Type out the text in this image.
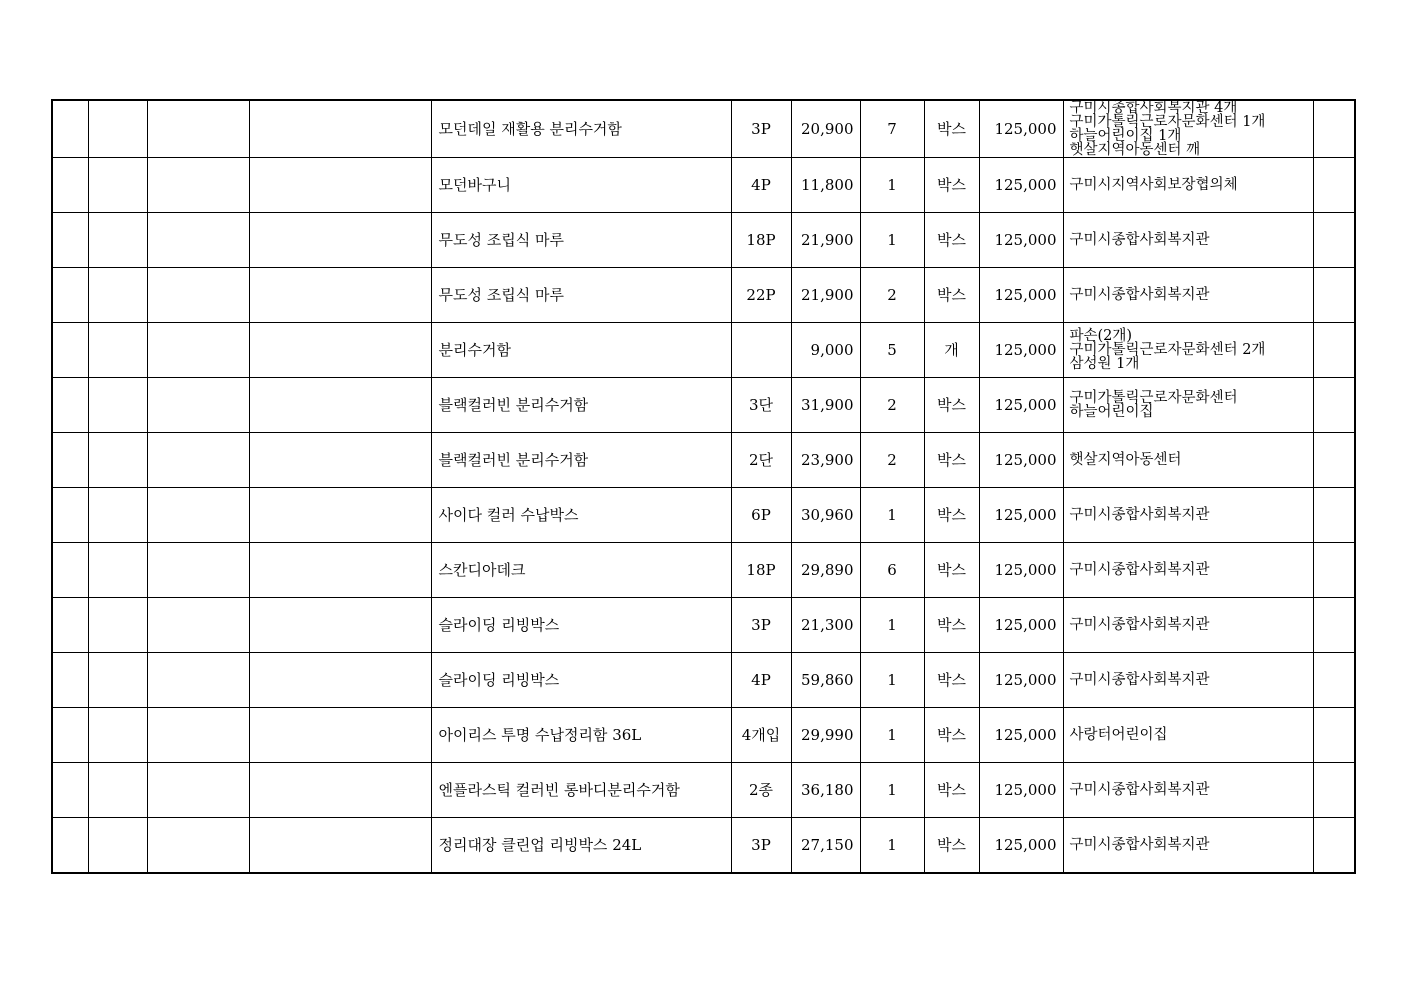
				모던데일 재활용 분리수거함	3P	20,900	7	박스	125,000	구미시종합사회복지관 4개
구미가톨릭근로자문화센터 1개
하늘어린이집 1개
햇살지역아동센터 깨	

				모던바구니	4P	11,800	1	박스	125,000	구미시지역사회보장협의체	

				무도성 조립식 마루	18P	21,900	1	박스	125,000	구미시종합사회복지관	

				무도성 조립식 마루	22P	21,900	2	박스	125,000	구미시종합사회복지관	

				분리수거함		9,000	5	개	125,000	파손(2개)
구미가톨릭근로자문화센터 2개
삼성원 1개	

				블랙컬러빈 분리수거함	3단	31,900	2	박스	125,000	구미가톨릭근로자문화센터
하늘어린이집	

				블랙컬러빈 분리수거함	2단	23,900	2	박스	125,000	햇살지역아동센터	

				사이다 컬러 수납박스	6P	30,960	1	박스	125,000	구미시종합사회복지관	

				스칸디아데크	18P	29,890	6	박스	125,000	구미시종합사회복지관	

				슬라이딩 리빙박스	3P	21,300	1	박스	125,000	구미시종합사회복지관	

				슬라이딩 리빙박스	4P	59,860	1	박스	125,000	구미시종합사회복지관	

				아이리스 투명 수납정리함 36L	4개입	29,990	1	박스	125,000	사랑터어린이집	

				엔플라스틱 컬러빈 롱바디분리수거함	2종	36,180	1	박스	125,000	구미시종합사회복지관	

				정리대장 클린업 리빙박스 24L	3P	27,150	1	박스	125,000	구미시종합사회복지관	
